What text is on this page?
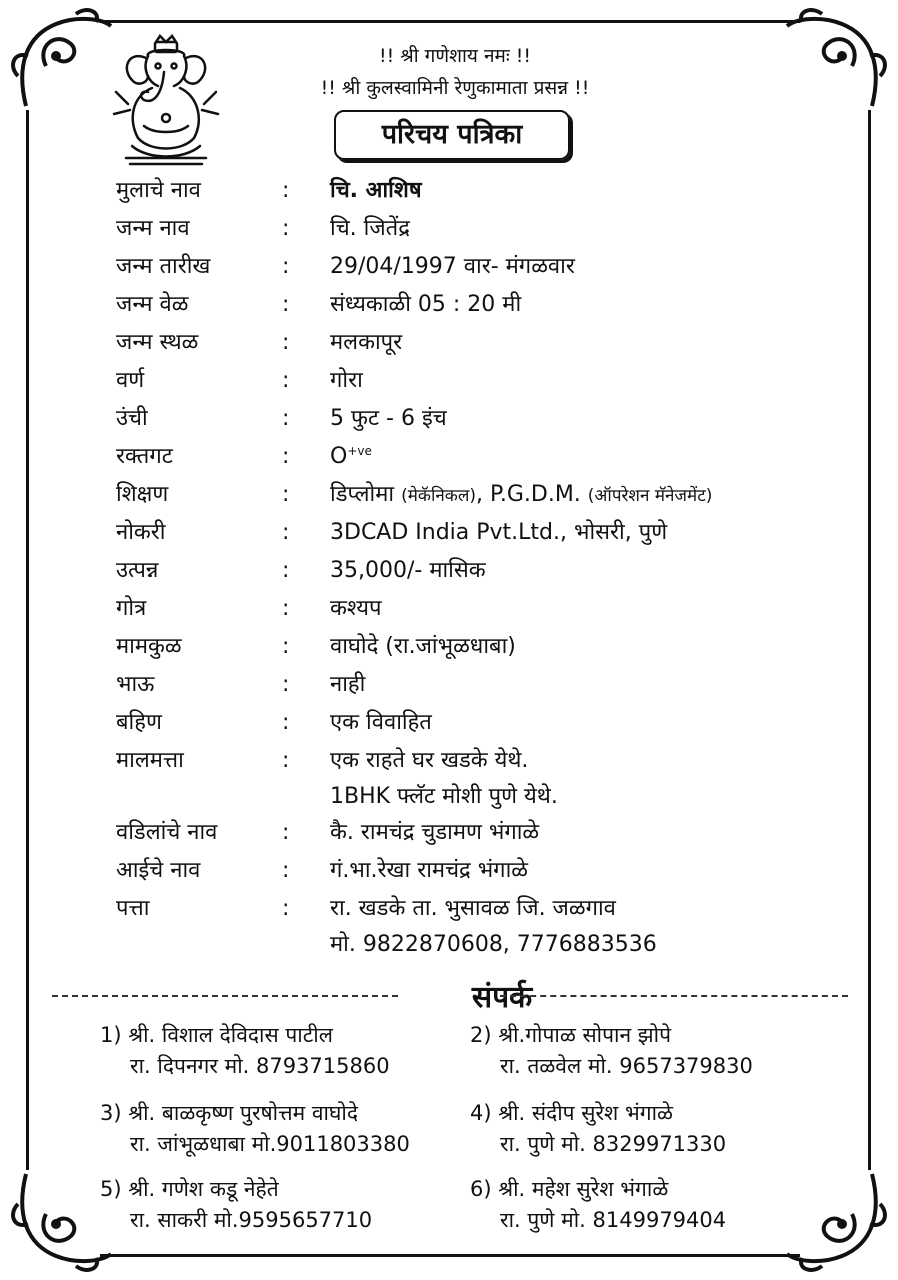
!! श्री गणेशाय नमः !!
!! श्री कुलस्वामिनी रेणुकामाता प्रसन्न !!
परिचय पत्रिका
मुलाचे नाव	: चि. आशिष
जन्म नाव	: चि. जितेंद्र
जन्म तारीख	: 29/04/1997 वार- मंगळवार
जन्म वेळ	: संध्यकाळी 05 : 20 मी
जन्म स्थळ	: मलकापूर
वर्ण	: गोरा
उंची	: 5 फुट - 6 इंच
रक्तगट	: $O^{+ve}$
शिक्षण	: डिप्लोमा (मेकॅनिकल), P.G.D.M. (ऑपरेशन मॅनेजमेंट)
नोकरी	: 3DCAD India Pvt.Ltd., भोसरी, पुणे
उत्पन्न	: 35,000/- मासिक
गोत्र	: कश्यप
मामकुळ	: वाघोदे (रा.जांभूळधाबा)
भाऊ	: नाही
बहिण	: एक विवाहित
मालमत्ता	: एक राहते घर खडके येथे.
1BHK फ्लॅट मोशी पुणे येथे.
वडिलांचे नाव	: कै. रामचंद्र चुडामण भंगाळे
आईचे नाव	: गं.भा.रेखा रामचंद्र भंगाळे
पत्ता	: रा. खडके ता. भुसावळ जि. जळगाव
मो. 9822870608, 7776883536
संपर्क
1) श्री. विशाल देविदास पाटील
रा. दिपनगर मो. 8793715860
2) श्री.गोपाळ सोपान झोपे
रा. तळवेल मो. 9657379830
3) श्री. बाळकृष्ण पुरषोत्तम वाघोदे
रा. जांभूळधाबा मो.9011803380
4) श्री. संदीप सुरेश भंगाळे
रा. पुणे मो. 8329971330
5) श्री. गणेश कडू नेहेते
रा. साकरी मो.9595657710
6) श्री. महेश सुरेश भंगाळे
रा. पुणे मो. 8149979404
